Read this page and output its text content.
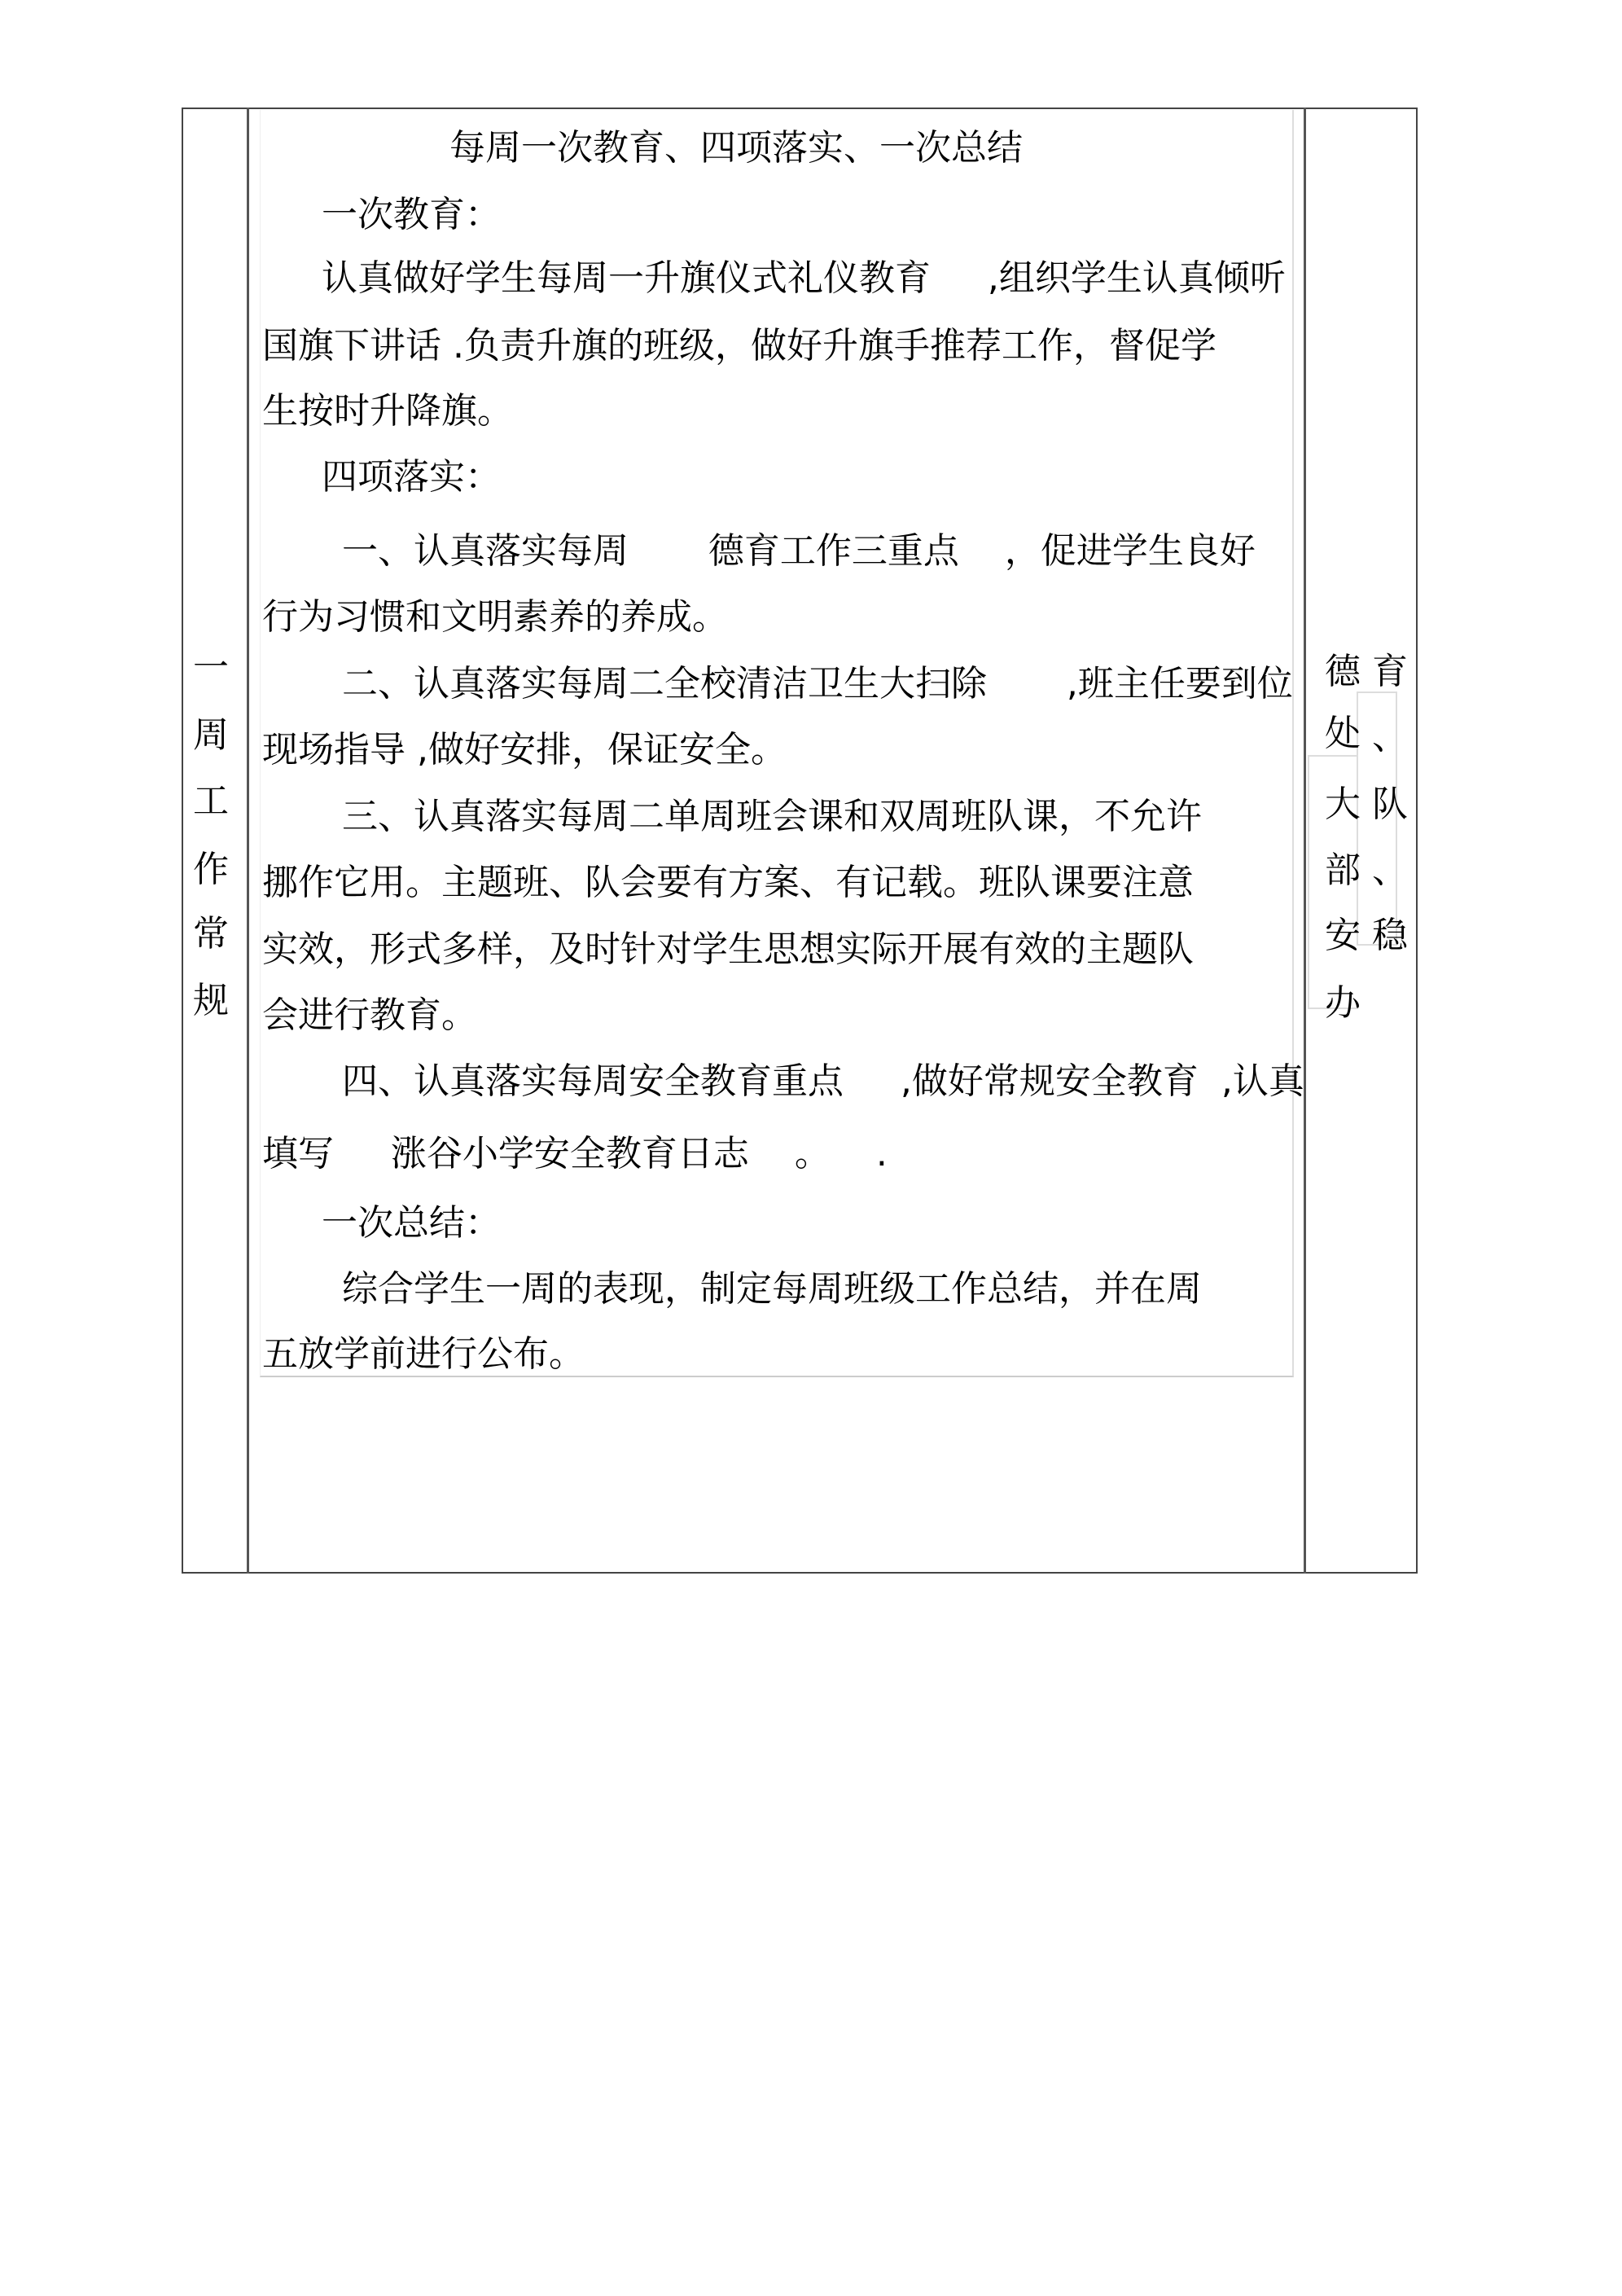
一
周
工
作
常
规
每周一次教育、四项落实、一次总结
一次教育：
认真做好学生每周一升旗仪式礼仪教育     ,组织学生认真倾听
国旗下讲话 .负责升旗的班级，做好升旗手推荐工作，督促学
生按时升降旗。
四项落实：
一、认真落实每周       德育工作三重点    ，促进学生良好
行为习惯和文明素养的养成。
二、认真落实每周二全校清洁卫生大扫除       ,班主任要到位
现场指导 ,做好安排，保证安全。
三、认真落实每周二单周班会课和双周班队课，不允许
挪作它用。主题班、队会要有方案、有记载。班队课要注意
实效，形式多样，及时针对学生思想实际开展有效的主题队
会进行教育。
四、认真落实每周安全教育重点     ,做好常规安全教育  ,认真
填写     涨谷小学安全教育日志    。    .
一次总结：
综合学生一周的表现，制定每周班级工作总结，并在周
五放学前进行公布。
德 育
处 、
大 队
部 、
安 稳
办
